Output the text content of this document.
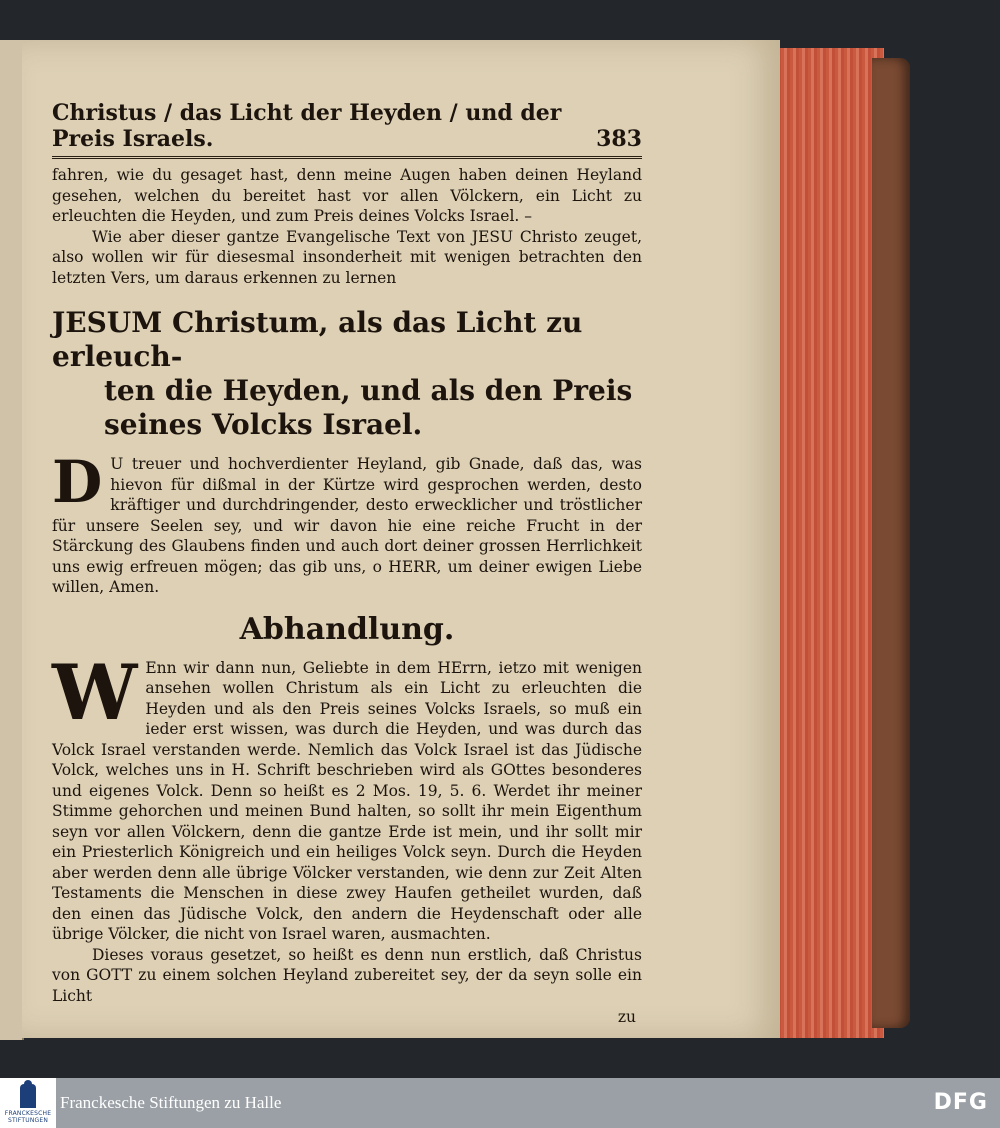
Christus / das Licht der Heyden / und der Preis Israels.	383

fahren, wie du gesaget hast, denn meine Augen haben deinen Heyland gesehen, welchen du bereitet hast vor allen Völckern, ein Licht zu erleuchten die Heyden, und zum Preis deines Volcks Israel. –

Wie aber dieser gantze Evangelische Text von JESU Christo zeuget, also wollen wir für diesesmal insonderheit mit wenigen betrachten den letzten Vers, um daraus erkennen zu lernen

JESUM Christum, als das Licht zu erleuch-
ten die Heyden, und als den Preis seines Volcks Israel.

D U treuer und hochverdienter Heyland, gib Gnade, daß das, was hievon für dißmal in der Kürtze wird gesprochen werden, desto kräftiger und durchdringender, desto erwecklicher und tröstlicher für unsere Seelen sey, und wir davon hie eine reiche Frucht in der Stärckung des Glaubens finden und auch dort deiner grossen Herrlichkeit uns ewig erfreuen mögen; das gib uns, o HERR, um deiner ewigen Liebe willen, Amen.

Abhandlung.

W Enn wir dann nun, Geliebte in dem HErrn, ietzo mit wenigen ansehen wollen Christum als ein Licht zu erleuchten die Heyden und als den Preis seines Volcks Israels, so muß ein ieder erst wissen, was durch die Heyden, und was durch das Volck Israel verstanden werde. Nemlich das Volck Israel ist das Jüdische Volck, welches uns in H. Schrift beschrieben wird als GOttes besonderes und eigenes Volck. Denn so heißt es 2 Mos. 19, 5. 6. Werdet ihr meiner Stimme gehorchen und meinen Bund halten, so sollt ihr mein Eigenthum seyn vor allen Völckern, denn die gantze Erde ist mein, und ihr sollt mir ein Priesterlich Königreich und ein heiliges Volck seyn. Durch die Heyden aber werden denn alle übrige Völcker verstanden, wie denn zur Zeit Alten Testaments die Menschen in diese zwey Haufen getheilet wurden, daß den einen das Jüdische Volck, den andern die Heydenschaft oder alle übrige Völcker, die nicht von Israel waren, ausmachten.

Dieses voraus gesetzet, so heißt es denn nun erstlich, daß Christus von GOTT zu einem solchen Heyland zubereitet sey, der da seyn solle ein Licht

zu
FRANCKESCHE STIFTUNGEN
Franckesche Stiftungen zu Halle	DFG
